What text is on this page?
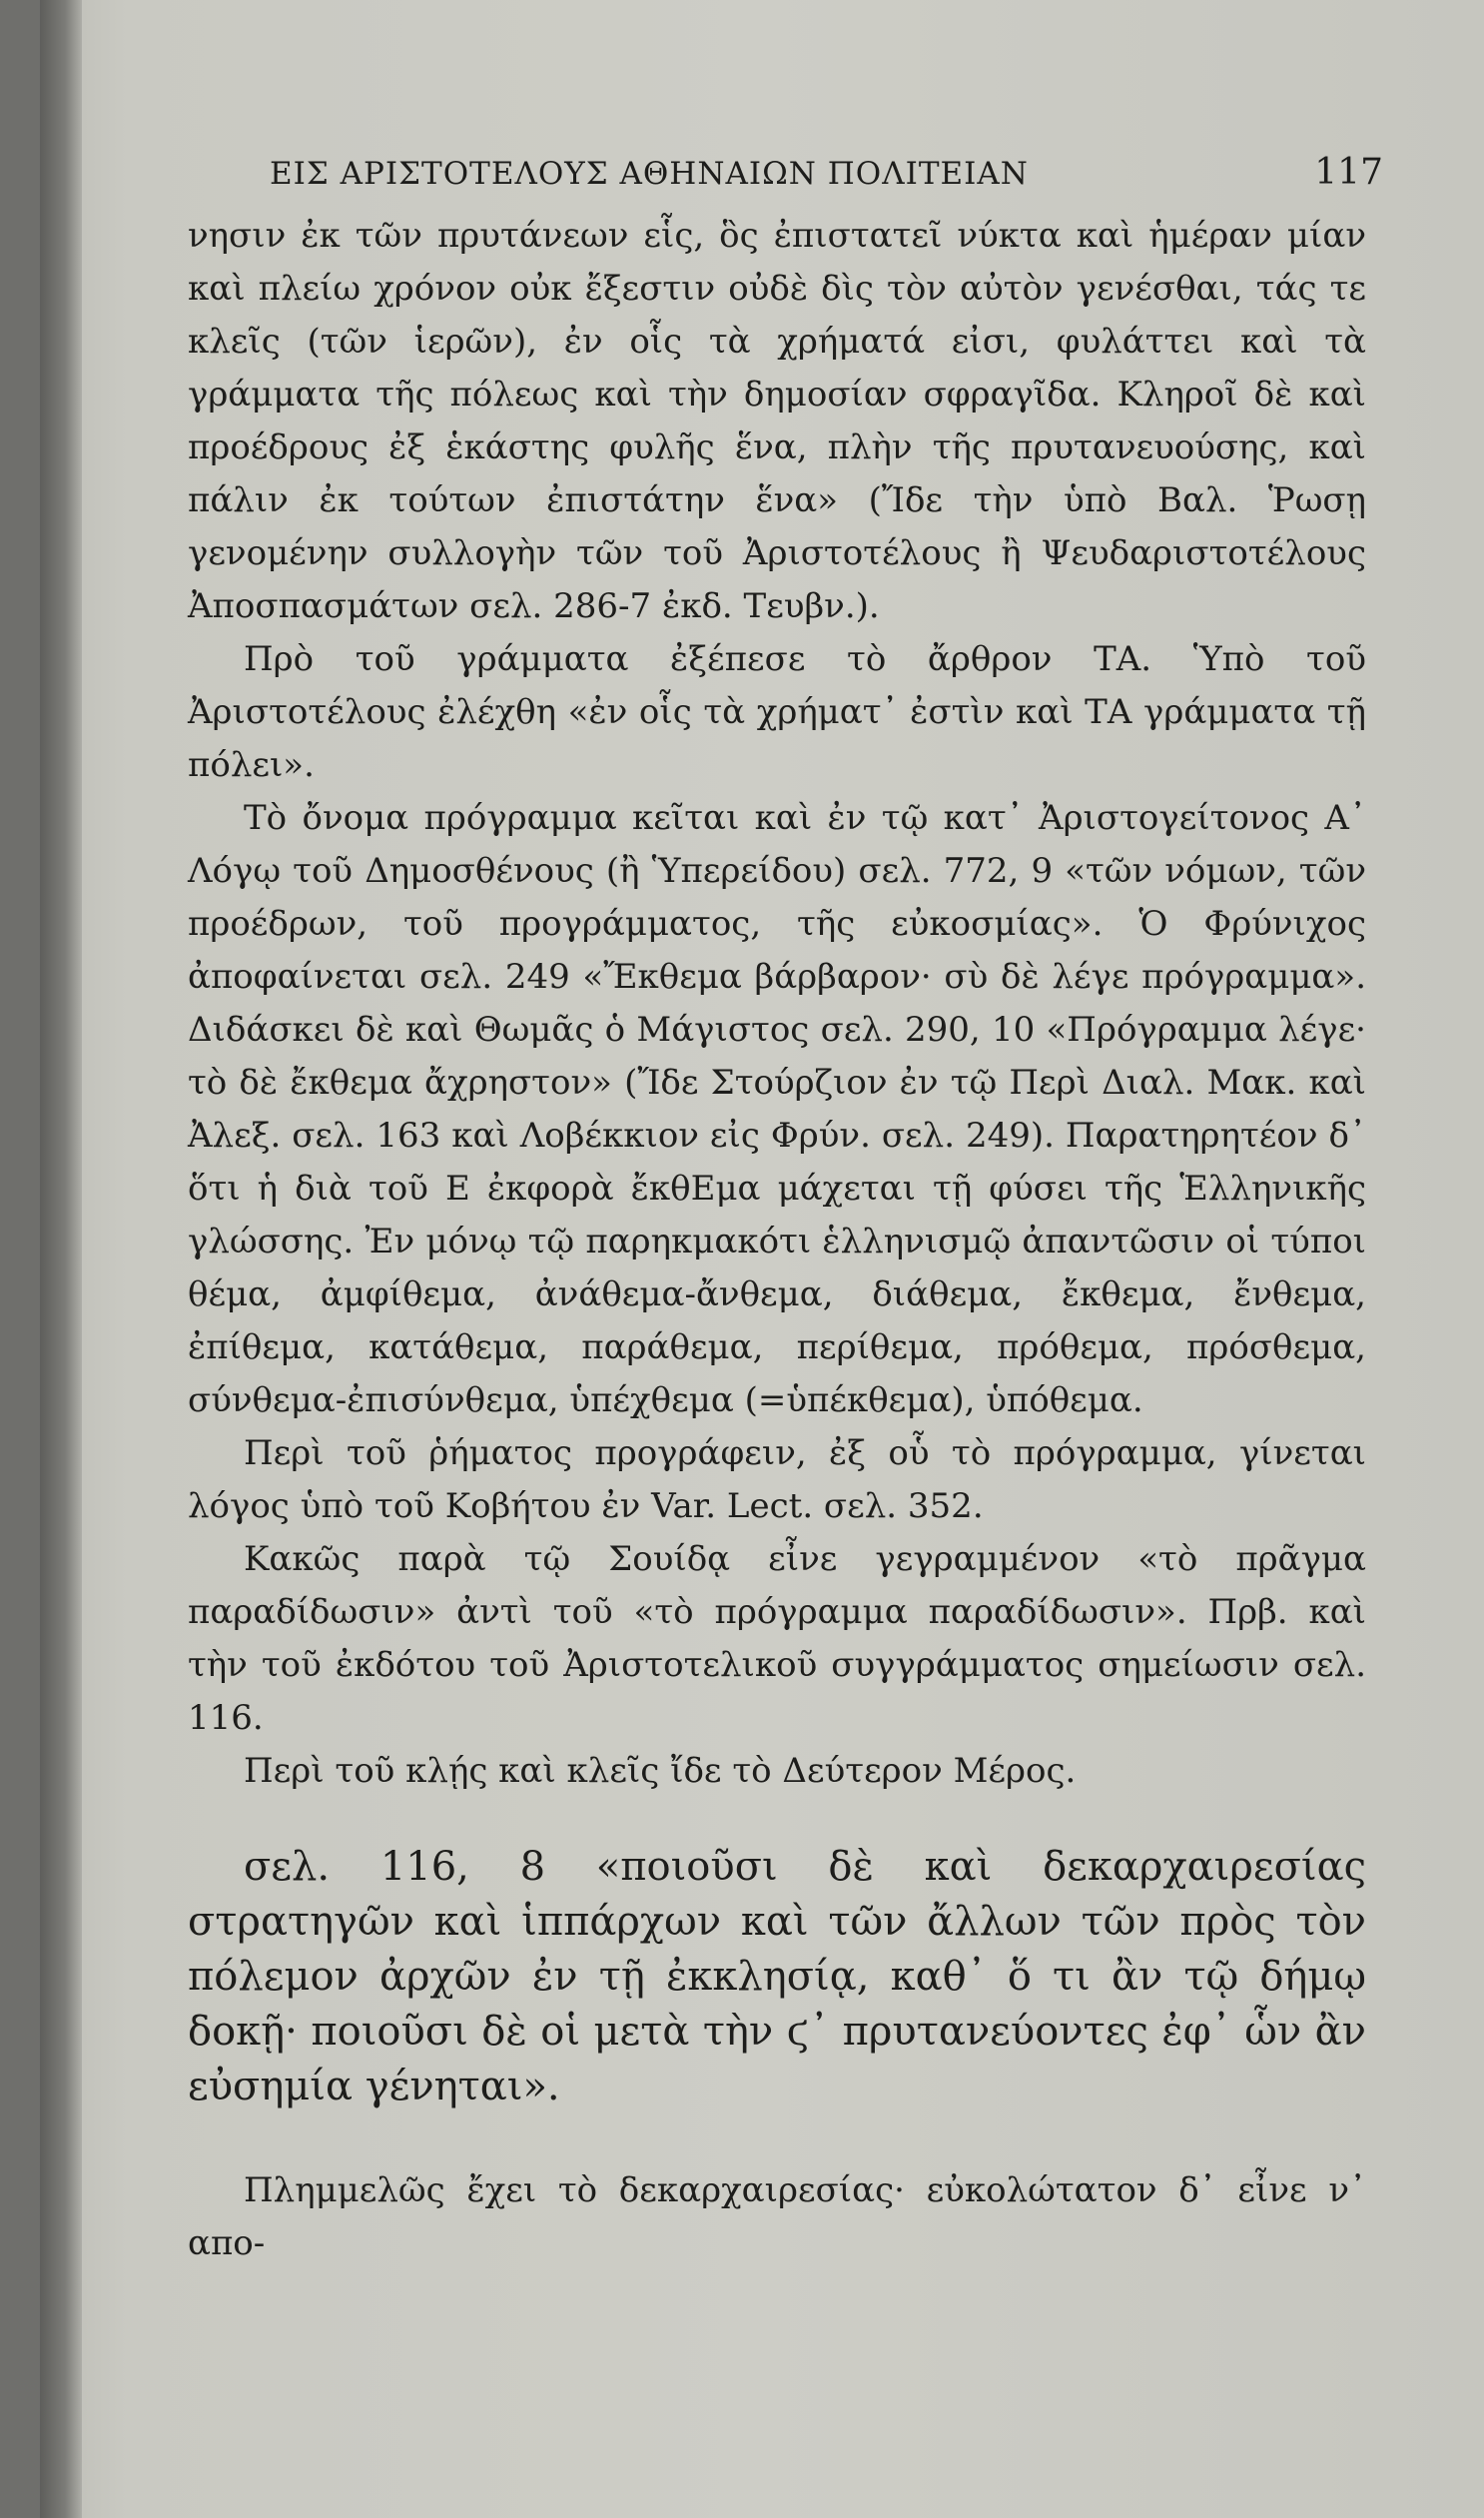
ΕΙΣ ΑΡΙΣΤΟΤΕΛΟΥΣ ΑΘΗΝΑΙΩΝ ΠΟΛΙΤΕΙΑΝ	117

νησιν ἐκ τῶν πρυτάνεων εἷς, ὃς ἐπιστατεῖ νύκτα καὶ ἡμέραν μίαν καὶ πλείω χρόνον οὐκ ἔξεστιν οὐδὲ δὶς τὸν αὐτὸν γενέσθαι, τάς τε κλεῖς (τῶν ἱερῶν), ἐν οἷς τὰ χρήματά εἰσι, φυλάττει καὶ τὰ γράμματα τῆς πόλεως καὶ τὴν δημοσίαν σφραγῖδα. Κληροῖ δὲ καὶ προέδρους ἐξ ἑκάστης φυλῆς ἕνα, πλὴν τῆς πρυτανευούσης, καὶ πάλιν ἐκ τούτων ἐπιστάτην ἕνα» (Ἴδε τὴν ὑπὸ Βαλ. Ῥωσῃ γενομένην συλλογὴν τῶν τοῦ Ἀριστοτέλους ἢ Ψευδαριστοτέλους Ἀποσπασμάτων σελ. 286-7 ἐκδ. Τευβν.).

Πρὸ τοῦ γράμματα ἐξέπεσε τὸ ἄρθρον ΤΑ. Ὑπὸ τοῦ Ἀριστοτέλους ἐλέχθη «ἐν οἷς τὰ χρήματ᾽ ἐστὶν καὶ ΤΑ γράμματα τῇ πόλει».

Τὸ ὄνομα πρόγραμμα κεῖται καὶ ἐν τῷ κατ᾽ Ἀριστογείτονος Α᾽ Λόγῳ τοῦ Δημοσθένους (ἢ Ὑπερείδου) σελ. 772, 9 «τῶν νόμων, τῶν προέδρων, τοῦ προγράμματος, τῆς εὐκοσμίας». Ὁ Φρύνιχος ἀποφαίνεται σελ. 249 «Ἔκθεμα βάρβαρον· σὺ δὲ λέγε πρόγραμμα». Διδάσκει δὲ καὶ Θωμᾶς ὁ Μάγιστος σελ. 290, 10 «Πρόγραμμα λέγε· τὸ δὲ ἔκθεμα ἄχρηστον» (Ἴδε Στούρζιον ἐν τῷ Περὶ Διαλ. Μακ. καὶ Ἀλεξ. σελ. 163 καὶ Λοβέκκιον εἰς Φρύν. σελ. 249). Παρατηρητέον δ᾽ ὅτι ἡ διὰ τοῦ Ε ἐκφορὰ ἔκθΕμα μάχεται τῇ φύσει τῆς Ἑλληνικῆς γλώσσης. Ἐν μόνῳ τῷ παρηκμακότι ἑλληνισμῷ ἀπαντῶσιν οἱ τύποι θέμα, ἀμφίθεμα, ἀνάθεμα-ἄνθεμα, διάθεμα, ἔκθεμα, ἔνθεμα, ἐπίθεμα, κατάθεμα, παράθεμα, περίθεμα, πρόθεμα, πρόσθεμα, σύνθεμα-ἐπισύνθεμα, ὑπέχθεμα (=ὑπέκθεμα), ὑπόθεμα.

Περὶ τοῦ ῥήματος προγράφειν, ἐξ οὗ τὸ πρόγραμμα, γίνεται λόγος ὑπὸ τοῦ Κοβήτου ἐν Var. Lect. σελ. 352.

Κακῶς παρὰ τῷ Σουίδᾳ εἶνε γεγραμμένον «τὸ πρᾶγμα παραδίδωσιν» ἀντὶ τοῦ «τὸ πρόγραμμα παραδίδωσιν». Πρβ. καὶ τὴν τοῦ ἐκδότου τοῦ Ἀριστοτελικοῦ συγγράμματος σημείωσιν σελ. 116.

Περὶ τοῦ κλῄς καὶ κλεῖς ἴδε τὸ Δεύτερον Μέρος.

σελ. 116, 8 «ποιοῦσι δὲ καὶ δεκαρχαιρεσίας στρατηγῶν καὶ ἱππάρχων καὶ τῶν ἄλλων τῶν πρὸς τὸν πόλεμον ἀρχῶν ἐν τῇ ἐκκλησίᾳ, καθ᾽ ὅ τι ἂν τῷ δήμῳ δοκῇ· ποιοῦσι δὲ οἱ μετὰ τὴν ϛ᾽ πρυτανεύοντες ἐφ᾽ ὧν ἂν εὐσημία γένηται».

Πλημμελῶς ἔχει τὸ δεκαρχαιρεσίας· εὐκολώτατον δ᾽ εἶνε ν᾽ απο-
